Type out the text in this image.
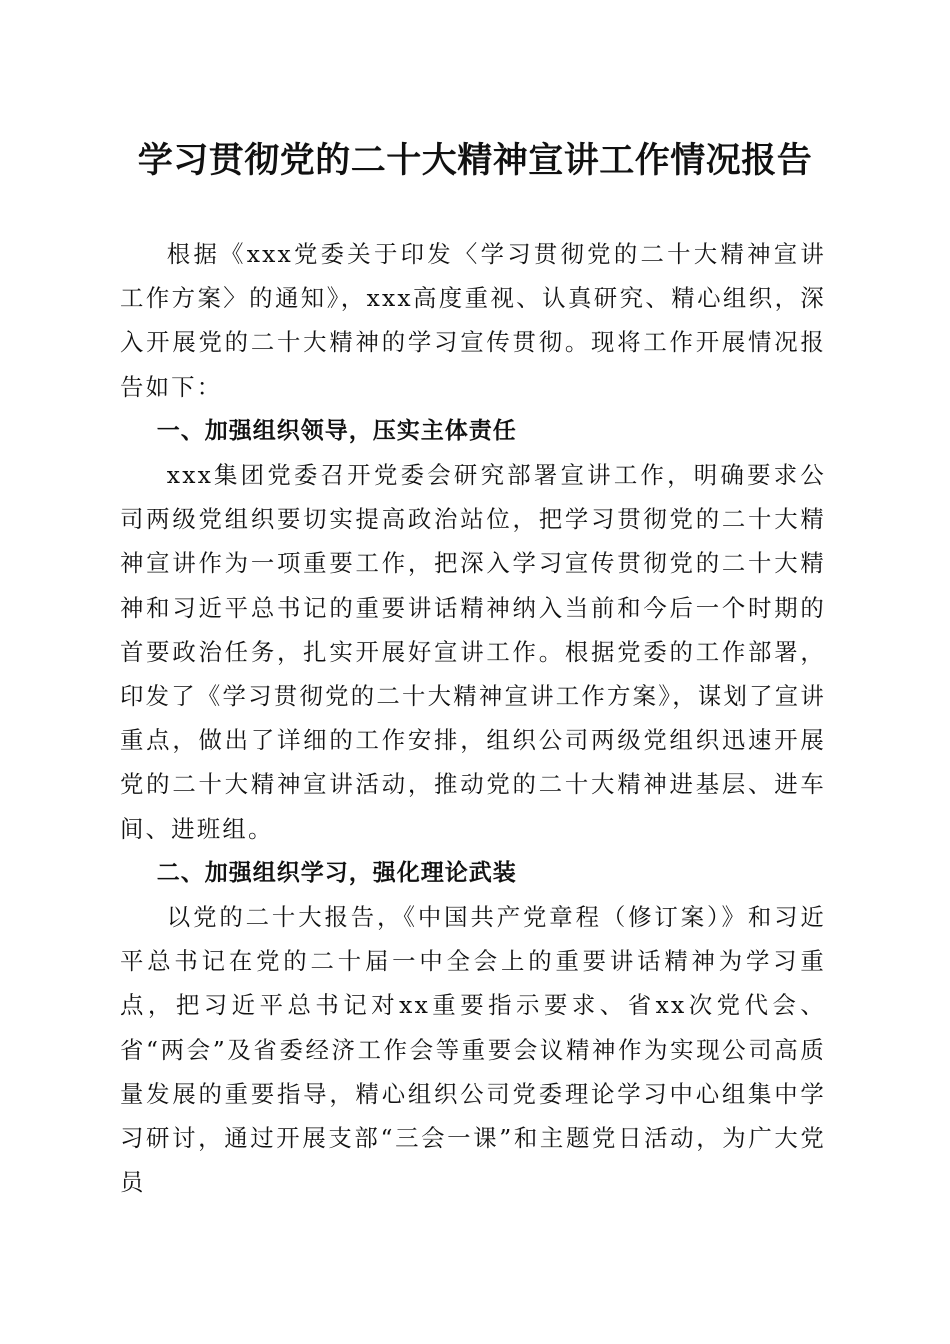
学习贯彻党的二十大精神宣讲工作情况报告

根据《xxx党委关于印发〈学习贯彻党的二十大精神宣讲工作方案〉的通知》，xxx高度重视、认真研究、精心组织，深入开展党的二十大精神的学习宣传贯彻。现将工作开展情况报告如下：

一、加强组织领导，压实主体责任

xxx集团党委召开党委会研究部署宣讲工作，明确要求公司两级党组织要切实提高政治站位，把学习贯彻党的二十大精神宣讲作为一项重要工作，把深入学习宣传贯彻党的二十大精神和习近平总书记的重要讲话精神纳入当前和今后一个时期的首要政治任务，扎实开展好宣讲工作。根据党委的工作部署，印发了《学习贯彻党的二十大精神宣讲工作方案》，谋划了宣讲重点，做出了详细的工作安排，组织公司两级党组织迅速开展党的二十大精神宣讲活动，推动党的二十大精神进基层、进车间、进班组。

二、加强组织学习，强化理论武装

以党的二十大报告，《中国共产党章程（修订案）》和习近平总书记在党的二十届一中全会上的重要讲话精神为学习重点，把习近平总书记对xx重要指示要求、省xx次党代会、省“两会”及省委经济工作会等重要会议精神作为实现公司高质量发展的重要指导，精心组织公司党委理论学习中心组集中学习研讨，通过开展支部“三会一课”和主题党日活动，为广大党员
